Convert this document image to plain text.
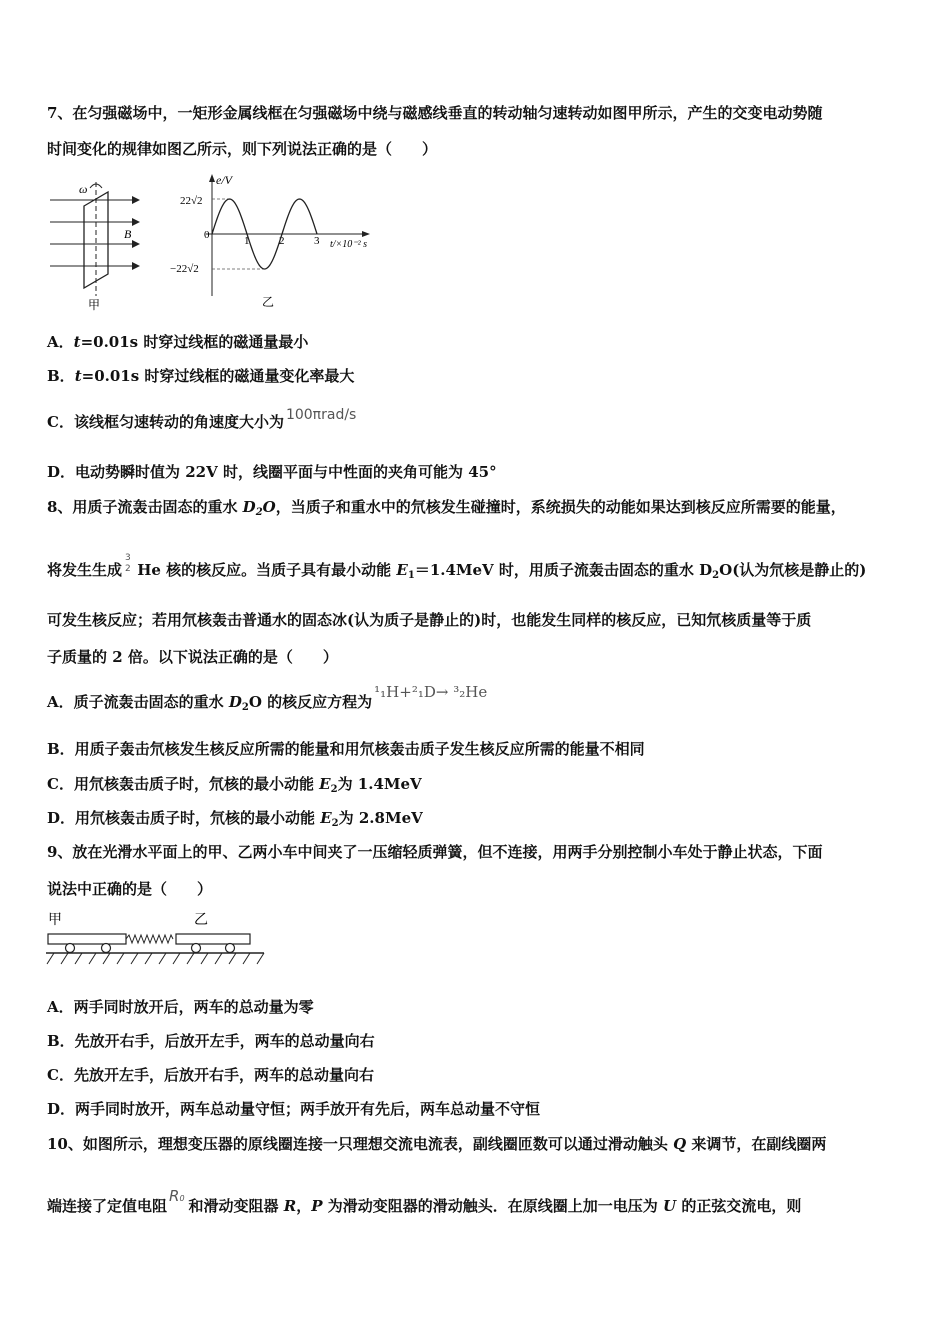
7、在匀强磁场中，一矩形金属线框在匀强磁场中绕与磁感线垂直的转动轴匀速转动如图甲所示，产生的交变电动势随
时间变化的规律如图乙所示，则下列说法正确的是（　　）
ω
B
甲
e/V
t/×10⁻² s
22√2
−22√2
0	1	2	3
乙
A．t=0.01s 时穿过线框的磁通量最小
B．t=0.01s 时穿过线框的磁通量变化率最大
C．该线框匀速转动的角速度大小为 100πrad/s
D．电动势瞬时值为 22V 时，线圈平面与中性面的夹角可能为 45°
8、用质子流轰击固态的重水 $D_2O$，当质子和重水中的氘核发生碰撞时，系统损失的动能如果达到核反应所需要的能量，
将发生生成
3
2 He 核的核反应。当质子具有最小动能 $E_1=1.4MeV$ 时，用质子流轰击固态的重水 $D_2O$(认为氘核是静止的)
可发生核反应；若用氘核轰击普通水的固态冰(认为质子是静止的)时，也能发生同样的核反应，已知氘核质量等于质
子质量的 2 倍。以下说法正确的是（　　）
A．质子流轰击固态的重水 $D_2O$ 的核反应方程为¹₁H+²₁D→ ³₂He
B．用质子轰击氘核发生核反应所需的能量和用氘核轰击质子发生核反应所需的能量不相同
C．用氘核轰击质子时，氘核的最小动能 $E_2$为 1.4MeV
D．用氘核轰击质子时，氘核的最小动能 $E_2$为 2.8MeV
9、放在光滑水平面上的甲、乙两小车中间夹了一压缩轻质弹簧，但不连接，用两手分别控制小车处于静止状态，下面
说法中正确的是（　　）
甲	乙
A．两手同时放开后，两车的总动量为零
B．先放开右手，后放开左手，两车的总动量向右
C．先放开左手，后放开右手，两车的总动量向右
D．两手同时放开，两车总动量守恒；两手放开有先后，两车总动量不守恒
10、如图所示，理想变压器的原线圈连接一只理想交流电流表，副线圈匝数可以通过滑动触头 Q 来调节，在副线圈两
端连接了定值电阻R0 和滑动变阻器 R，P 为滑动变阻器的滑动触头．在原线圈上加一电压为 U 的正弦交流电，则
